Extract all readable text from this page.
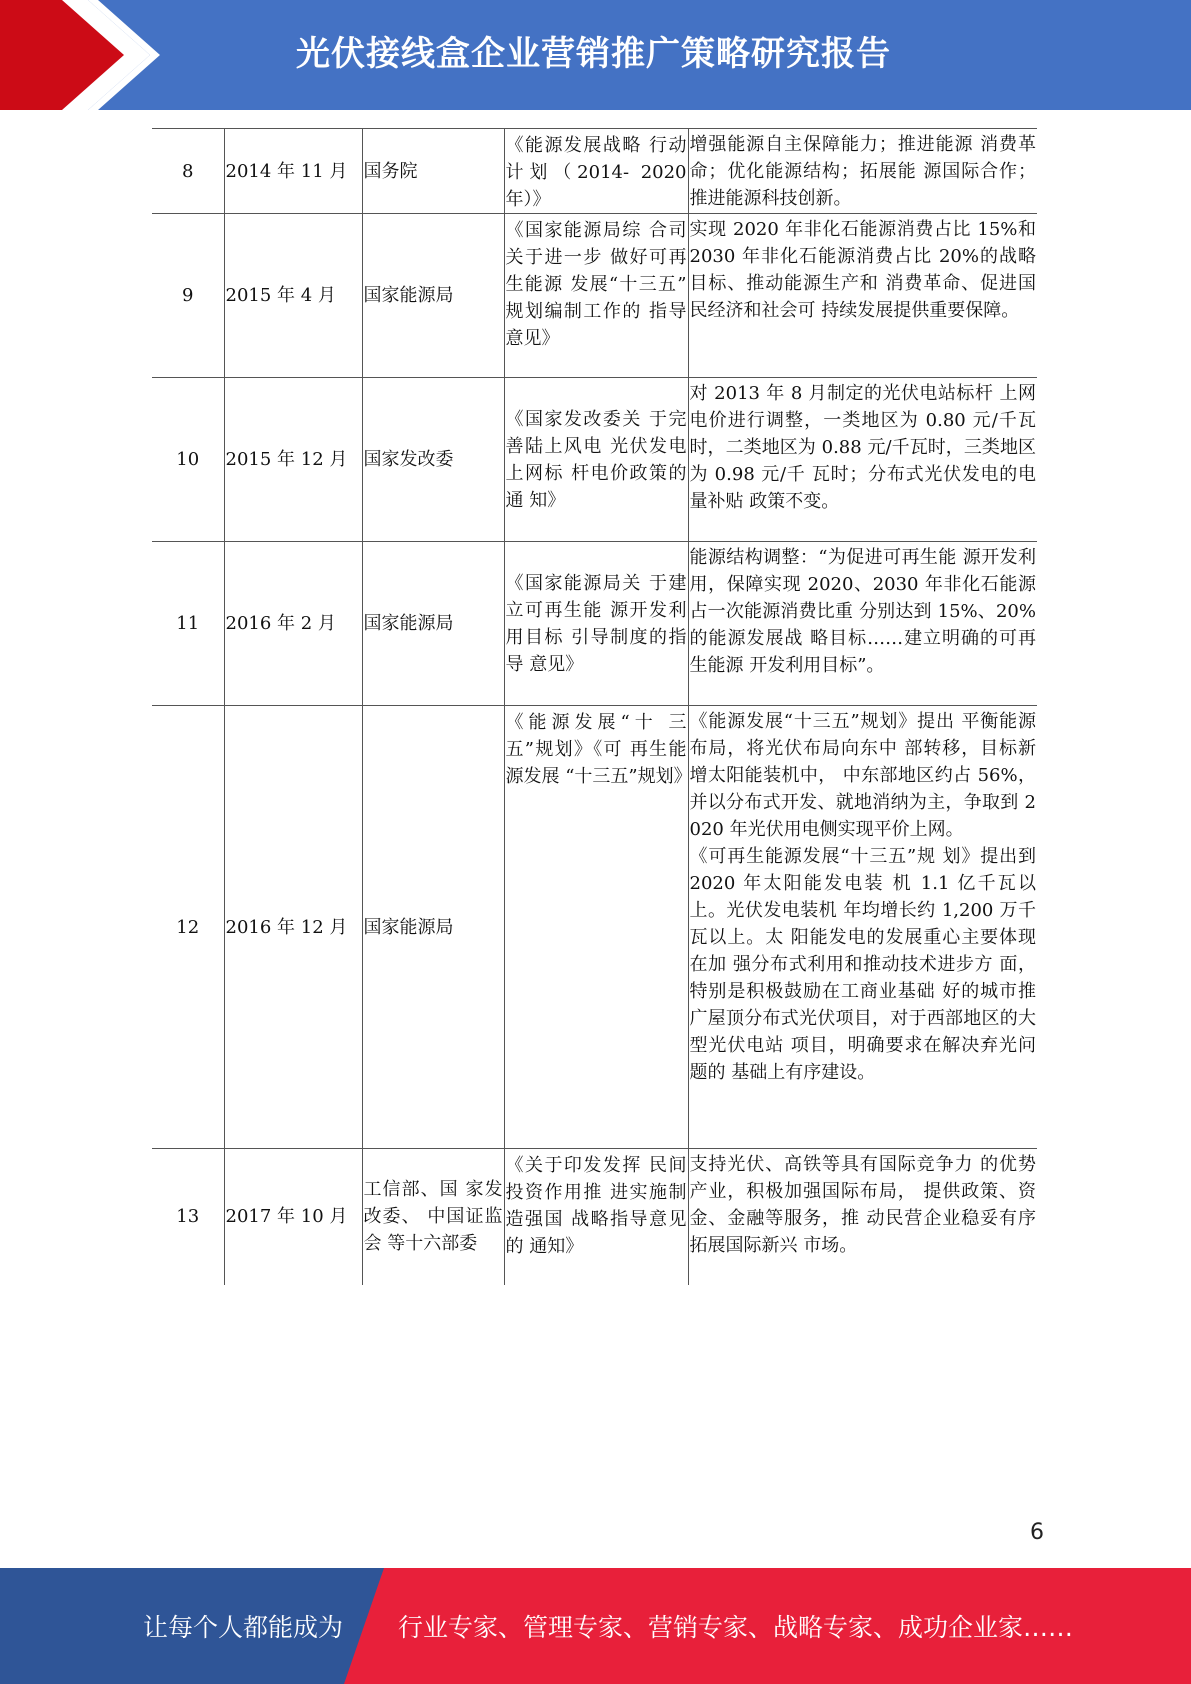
光伏接线盒企业营销推广策略研究报告
8	2014 年 11 月	国务院	《能源发展战略 行动计划（2014- 2020 年）》	增强能源自主保障能力；推进能源 消费革命；优化能源结构；拓展能 源国际合作；推进能源科技创新。
9	2015 年 4 月	国家能源局	《国家能源局综 合司关于进一步 做好可再生能源 发展“十三五” 规划编制工作的 指导意见》	实现 2020 年非化石能源消费占比 15%和 2030 年非化石能源消费占比 20%的战略目标、推动能源生产和 消费革命、促进国民经济和社会可 持续发展提供重要保障。
10	2015 年 12 月	国家发改委	《国家发改委关 于完善陆上风电 光伏发电上网标 杆电价政策的通 知》	对 2013 年 8 月制定的光伏电站标杆 上网电价进行调整，一类地区为 0.80 元/千瓦时，二类地区为 0.88 元/千瓦时，三类地区为 0.98 元/千 瓦时；分布式光伏发电的电量补贴 政策不变。
11	2016 年 2 月	国家能源局	《国家能源局关 于建立可再生能 源开发利用目标 引导制度的指导 意见》	能源结构调整：“为促进可再生能 源开发利用，保障实现 2020、2030 年非化石能源占一次能源消费比重 分别达到 15%、20%的能源发展战 略目标……建立明确的可再生能源 开发利用目标”。
12	2016 年 12 月	国家能源局	《能源发展“十 三五”规划》《可 再生能源发展 “十三五”规划》	《能源发展“十三五”规划》提出 平衡能源布局，将光伏布局向东中 部转移，目标新增太阳能装机中， 中东部地区约占 56%，并以分布式开发、就地消纳为主，争取到 2020 年光伏用电侧实现平价上网。
《可再生能源发展“十三五”规 划》提出到 2020 年太阳能发电装 机 1.1 亿千瓦以上。光伏发电装机 年均增长约 1,200 万千瓦以上。太 阳能发电的发展重心主要体现在加 强分布式利用和推动技术进步方 面，特别是积极鼓励在工商业基础 好的城市推广屋顶分布式光伏项目，对于西部地区的大型光伏电站 项目，明确要求在解决弃光问题的 基础上有序建设。
13	2017 年 10 月	工信部、国 家发改委、 中国证监会 等十六部委	《关于印发发挥 民间投资作用推 进实施制造强国 战略指导意见的 通知》	支持光伏、高铁等具有国际竞争力 的优势产业，积极加强国际布局， 提供政策、资金、金融等服务，推 动民营企业稳妥有序拓展国际新兴 市场。
6
让每个人都能成为 行业专家、管理专家、营销专家、战略专家、成功企业家……
